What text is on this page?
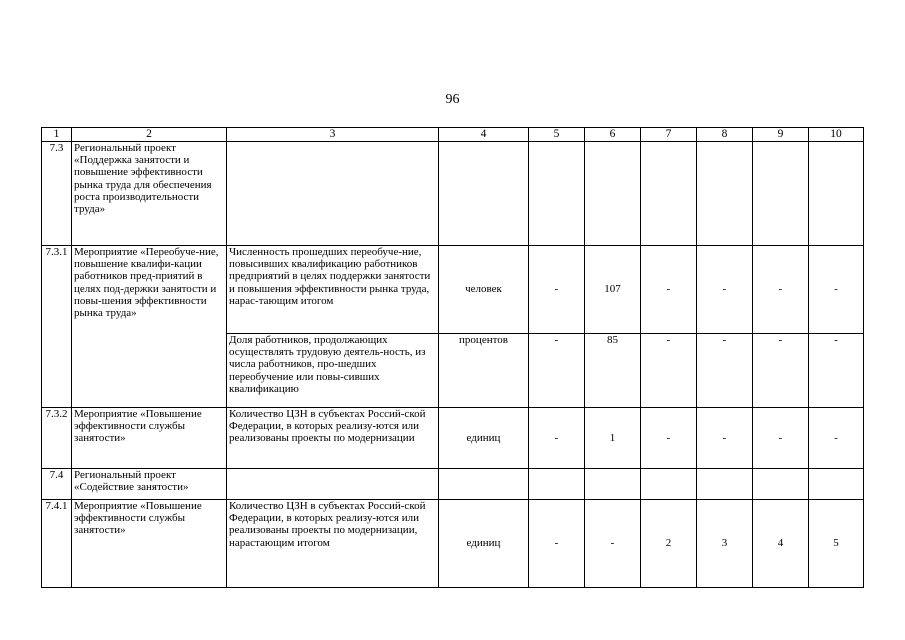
96
1	2	3	4	5	6	7	8	9	10
7.3	Региональный проект «Поддержка занятости и повышение эффективности рынка труда для обеспечения роста производительности труда»								
7.3.1	Мероприятие «Переобуче-ние, повышение квалифи-кации работников пред-приятий в целях под-держки занятости и повы-шения эффективности рынка труда»	Численность прошедших переобуче-ние, повысивших квалификацию работников предприятий в целях поддержки занятости и повышения эффективности рынка труда, нарас-тающим итогом	человек	-	107	-	-	-	-
		Доля работников, продолжающих осуществлять трудовую деятель-ность, из числа работников, про-шедших переобучение или повы-сивших квалификацию	процентов	-	85	-	-	-	-
7.3.2	Мероприятие «Повышение эффективности службы занятости»	Количество ЦЗН в субъектах Россий-ской Федерации, в которых реализу-ются или реализованы проекты по модернизации	единиц	-	1	-	-	-	-
7.4	Региональный проект «Содействие занятости»								
7.4.1	Мероприятие «Повышение эффективности службы занятости»	Количество ЦЗН в субъектах Россий-ской Федерации, в которых реализу-ются или реализованы проекты по модернизации, нарастающим итогом	единиц	-	-	2	3	4	5
